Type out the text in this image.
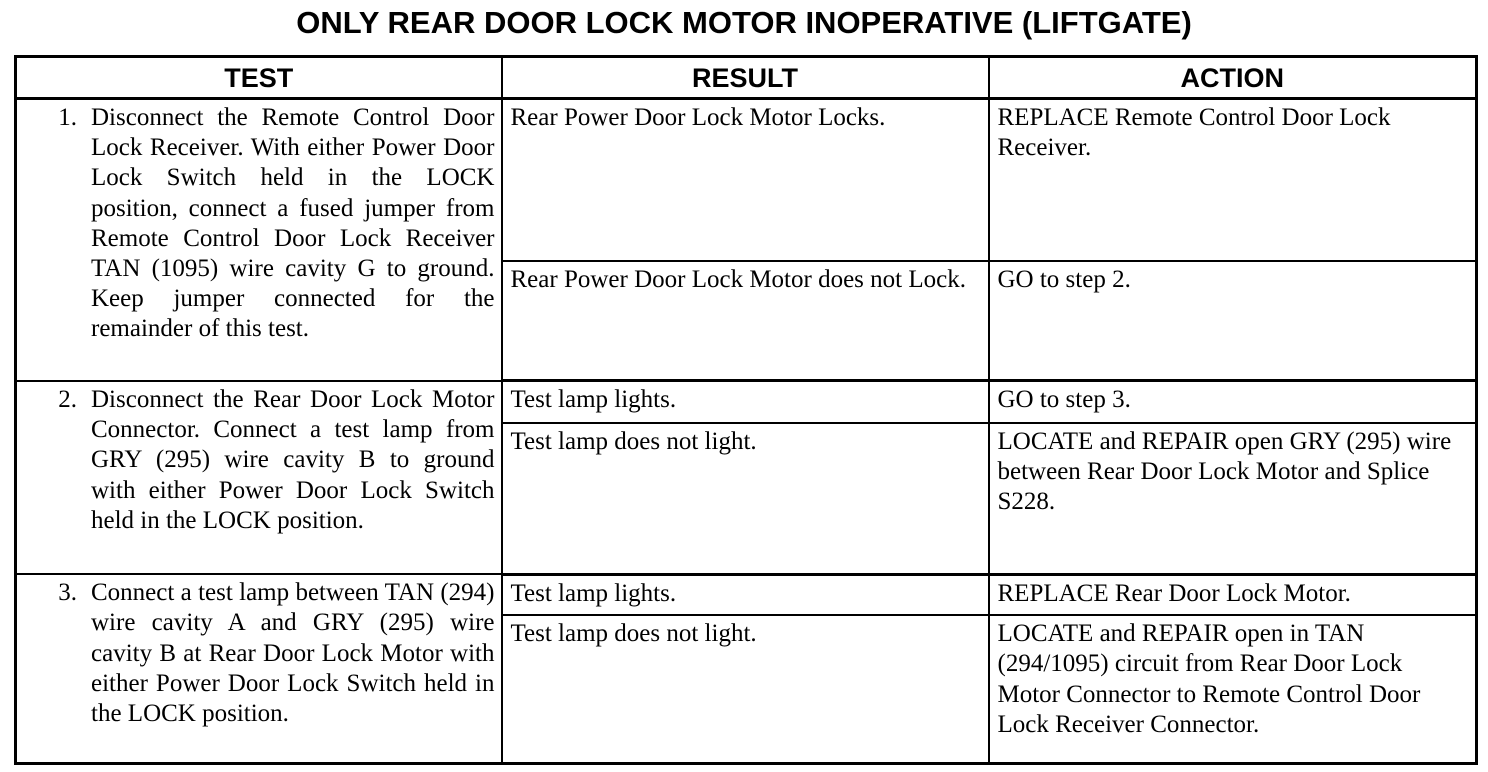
ONLY REAR DOOR LOCK MOTOR INOPERATIVE (LIFTGATE)
TEST	RESULT	ACTION

1. Disconnect the Remote Control Door Lock Receiver. With either Power Door Lock Switch held in the LOCK position, connect a fused jumper from Remote Control Door Lock Receiver TAN (1095) wire cavity G to ground. Keep jumper connected for the remainder of this test.	Rear Power Door Lock Motor Locks.	REPLACE Remote Control Door Lock Receiver.
	Rear Power Door Lock Motor does not Lock.	GO to step 2.

2. Disconnect the Rear Door Lock Motor Connector. Connect a test lamp from GRY (295) wire cavity B to ground with either Power Door Lock Switch held in the LOCK position.	Test lamp lights.	GO to step 3.
	Test lamp does not light.	LOCATE and REPAIR open GRY (295) wire between Rear Door Lock Motor and Splice S228.

3. Connect a test lamp between TAN (294) wire cavity A and GRY (295) wire cavity B at Rear Door Lock Motor with either Power Door Lock Switch held in the LOCK position.	Test lamp lights.	REPLACE Rear Door Lock Motor.
	Test lamp does not light.	LOCATE and REPAIR open in TAN (294/1095) circuit from Rear Door Lock Motor Connector to Remote Control Door Lock Receiver Connector.
